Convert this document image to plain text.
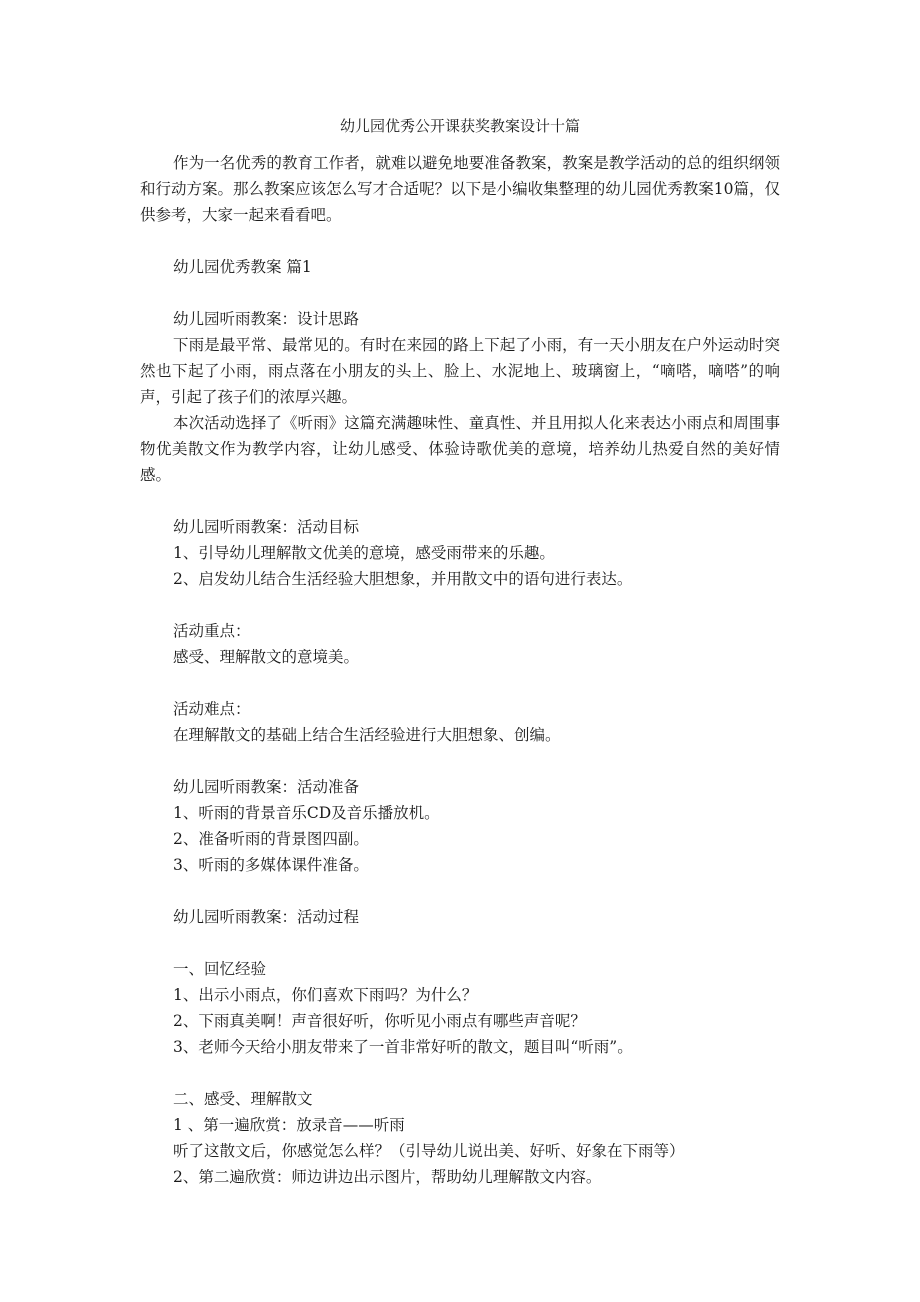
幼儿园优秀公开课获奖教案设计十篇

作为一名优秀的教育工作者，就难以避免地要准备教案，教案是教学活动的总的组织纲领和行动方案。那么教案应该怎么写才合适呢？以下是小编收集整理的幼儿园优秀教案10篇，仅供参考，大家一起来看看吧。

幼儿园优秀教案 篇1

幼儿园听雨教案：设计思路

下雨是最平常、最常见的。有时在来园的路上下起了小雨，有一天小朋友在户外运动时突然也下起了小雨，雨点落在小朋友的头上、脸上、水泥地上、玻璃窗上，“嘀嗒，嘀嗒”的响声，引起了孩子们的浓厚兴趣。

本次活动选择了《听雨》这篇充满趣味性、童真性、并且用拟人化来表达小雨点和周围事物优美散文作为教学内容，让幼儿感受、体验诗歌优美的意境，培养幼儿热爱自然的美好情感。

幼儿园听雨教案：活动目标

1、引导幼儿理解散文优美的意境，感受雨带来的乐趣。

2、启发幼儿结合生活经验大胆想象，并用散文中的语句进行表达。

活动重点：

感受、理解散文的意境美。

活动难点：

在理解散文的基础上结合生活经验进行大胆想象、创编。

幼儿园听雨教案：活动准备

1、听雨的背景音乐CD及音乐播放机。

2、准备听雨的背景图四副。

3、听雨的多媒体课件准备。

幼儿园听雨教案：活动过程

一、回忆经验

1、出示小雨点，你们喜欢下雨吗？为什么？

2、下雨真美啊！声音很好听，你听见小雨点有哪些声音呢？

3、老师今天给小朋友带来了一首非常好听的散文，题目叫“听雨”。

二、感受、理解散文

1 、第一遍欣赏：放录音——听雨

听了这散文后，你感觉怎么样？（引导幼儿说出美、好听、好象在下雨等）

2、第二遍欣赏：师边讲边出示图片，帮助幼儿理解散文内容。
